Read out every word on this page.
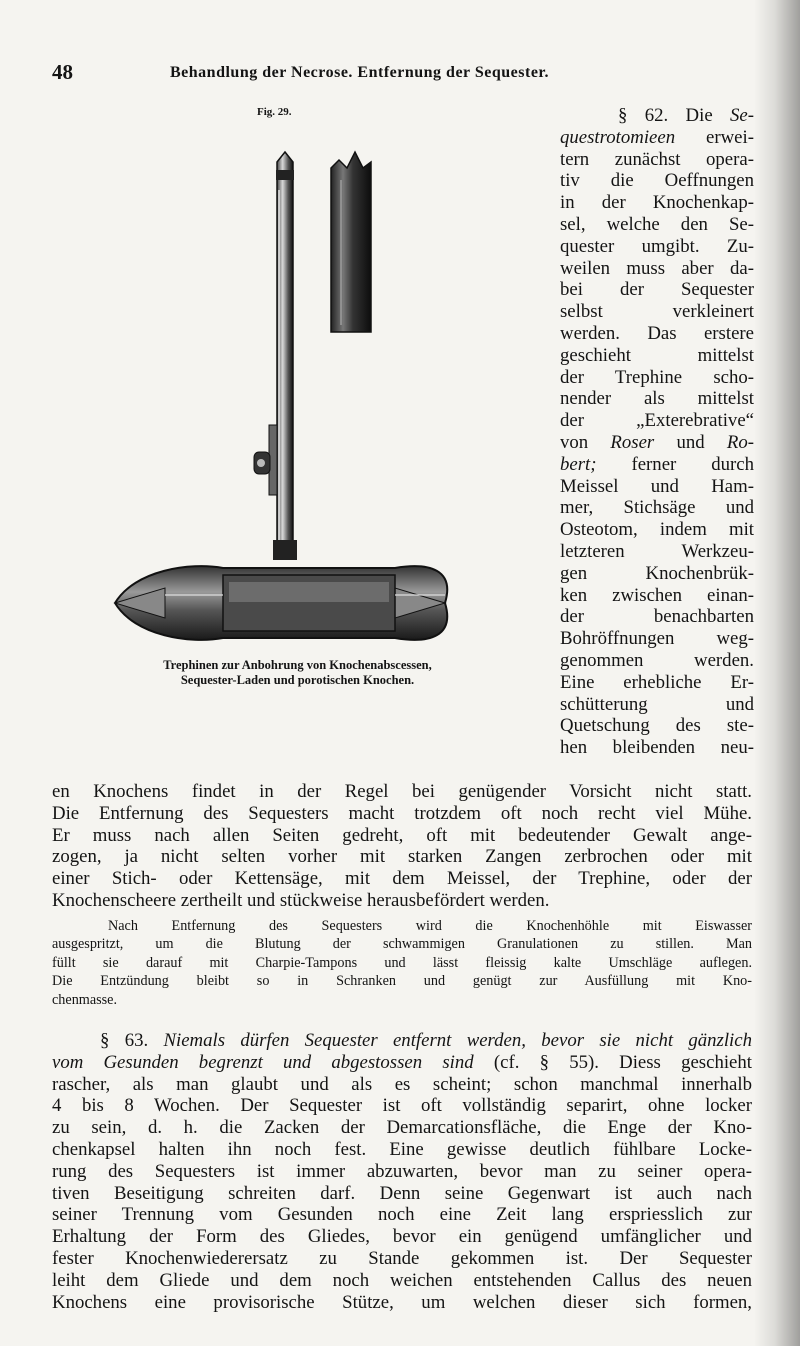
48	Behandlung der Necrose. Entfernung der Sequester.
Fig. 29.
Trephinen zur Anbohrung von Knochenabscessen,
Sequester-Laden und porotischen Knochen.
§ 62. Die Se-
questrotomieen erwei-
tern zunächst opera-
tiv die Oeffnungen
in der Knochenkap-
sel, welche den Se-
quester umgibt. Zu-
weilen muss aber da-
bei der Sequester
selbst verkleinert
werden. Das erstere
geschieht mittelst
der Trephine scho-
nender als mittelst
der „Exterebrative“
von Roser und Ro-
bert; ferner durch
Meissel und Ham-
mer, Stichsäge und
Osteotom, indem mit
letzteren Werkzeu-
gen Knochenbrük-
ken zwischen einan-
der benachbarten
Bohröffnungen weg-
genommen werden.
Eine erhebliche Er-
schütterung und
Quetschung des ste-
hen bleibenden neu-
en Knochens findet in der Regel bei genügender Vorsicht nicht statt.
Die Entfernung des Sequesters macht trotzdem oft noch recht viel Mühe.
Er muss nach allen Seiten gedreht, oft mit bedeutender Gewalt ange-
zogen, ja nicht selten vorher mit starken Zangen zerbrochen oder mit
einer Stich- oder Kettensäge, mit dem Meissel, der Trephine, oder der
Knochenscheere zertheilt und stückweise herausbefördert werden.
Nach Entfernung des Sequesters wird die Knochenhöhle mit Eiswasser
ausgespritzt, um die Blutung der schwammigen Granulationen zu stillen. Man
füllt sie darauf mit Charpie-Tampons und lässt fleissig kalte Umschläge auflegen.
Die Entzündung bleibt so in Schranken und genügt zur Ausfüllung mit Kno-
chenmasse.
§ 63. Niemals dürfen Sequester entfernt werden, bevor sie nicht gänzlich
vom Gesunden begrenzt und abgestossen sind (cf. § 55). Diess geschieht
rascher, als man glaubt und als es scheint; schon manchmal innerhalb
4 bis 8 Wochen. Der Sequester ist oft vollständig separirt, ohne locker
zu sein, d. h. die Zacken der Demarcationsfläche, die Enge der Kno-
chenkapsel halten ihn noch fest. Eine gewisse deutlich fühlbare Locke-
rung des Sequesters ist immer abzuwarten, bevor man zu seiner opera-
tiven Beseitigung schreiten darf. Denn seine Gegenwart ist auch nach
seiner Trennung vom Gesunden noch eine Zeit lang erspriesslich zur
Erhaltung der Form des Gliedes, bevor ein genügend umfänglicher und
fester Knochenwiederersatz zu Stande gekommen ist. Der Sequester
leiht dem Gliede und dem noch weichen entstehenden Callus des neuen
Knochens eine provisorische Stütze, um welchen dieser sich formen,
